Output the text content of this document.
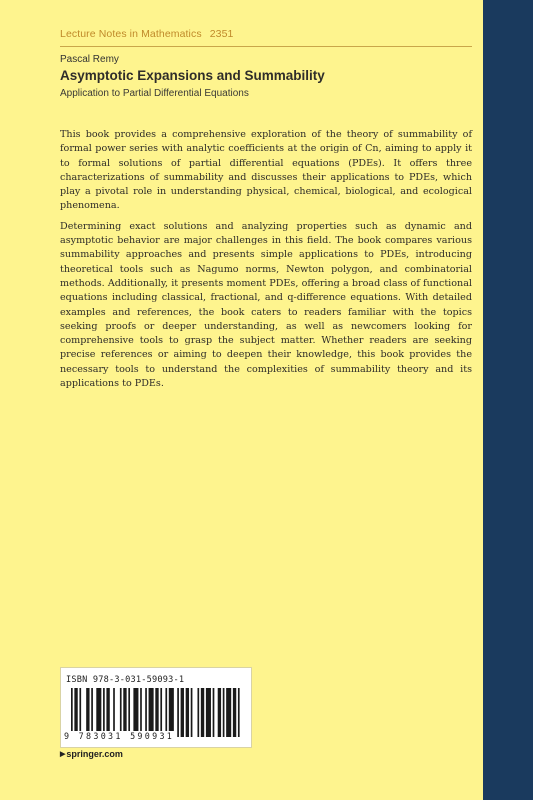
Lecture Notes in Mathematics 2351
Pascal Remy
Asymptotic Expansions and Summability
Application to Partial Differential Equations

This book provides a comprehensive exploration of the theory of summability of formal power series with analytic coefficients at the origin of Cn, aiming to apply it to formal solutions of partial differential equations (PDEs). It offers three characterizations of summability and discusses their applications to PDEs, which play a pivotal role in understanding physical, chemical, biological, and ecological phenomena.

Determining exact solutions and analyzing properties such as dynamic and asymptotic behavior are major challenges in this field. The book compares various summability approaches and presents simple applications to PDEs, introducing theoretical tools such as Nagumo norms, Newton polygon, and combinatorial methods. Additionally, it presents moment PDEs, offering a broad class of functional equations including classical, fractional, and q-difference equations. With detailed examples and references, the book caters to readers familiar with the topics seeking proofs or deeper understanding, as well as newcomers looking for comprehensive tools to grasp the subject matter. Whether readers are seeking precise references or aiming to deepen their knowledge, this book provides the necessary tools to understand the complexities of summability theory and its applications to PDEs.

ISBN 978-3-031-59093-1
9 783031 590931
▶springer.com
